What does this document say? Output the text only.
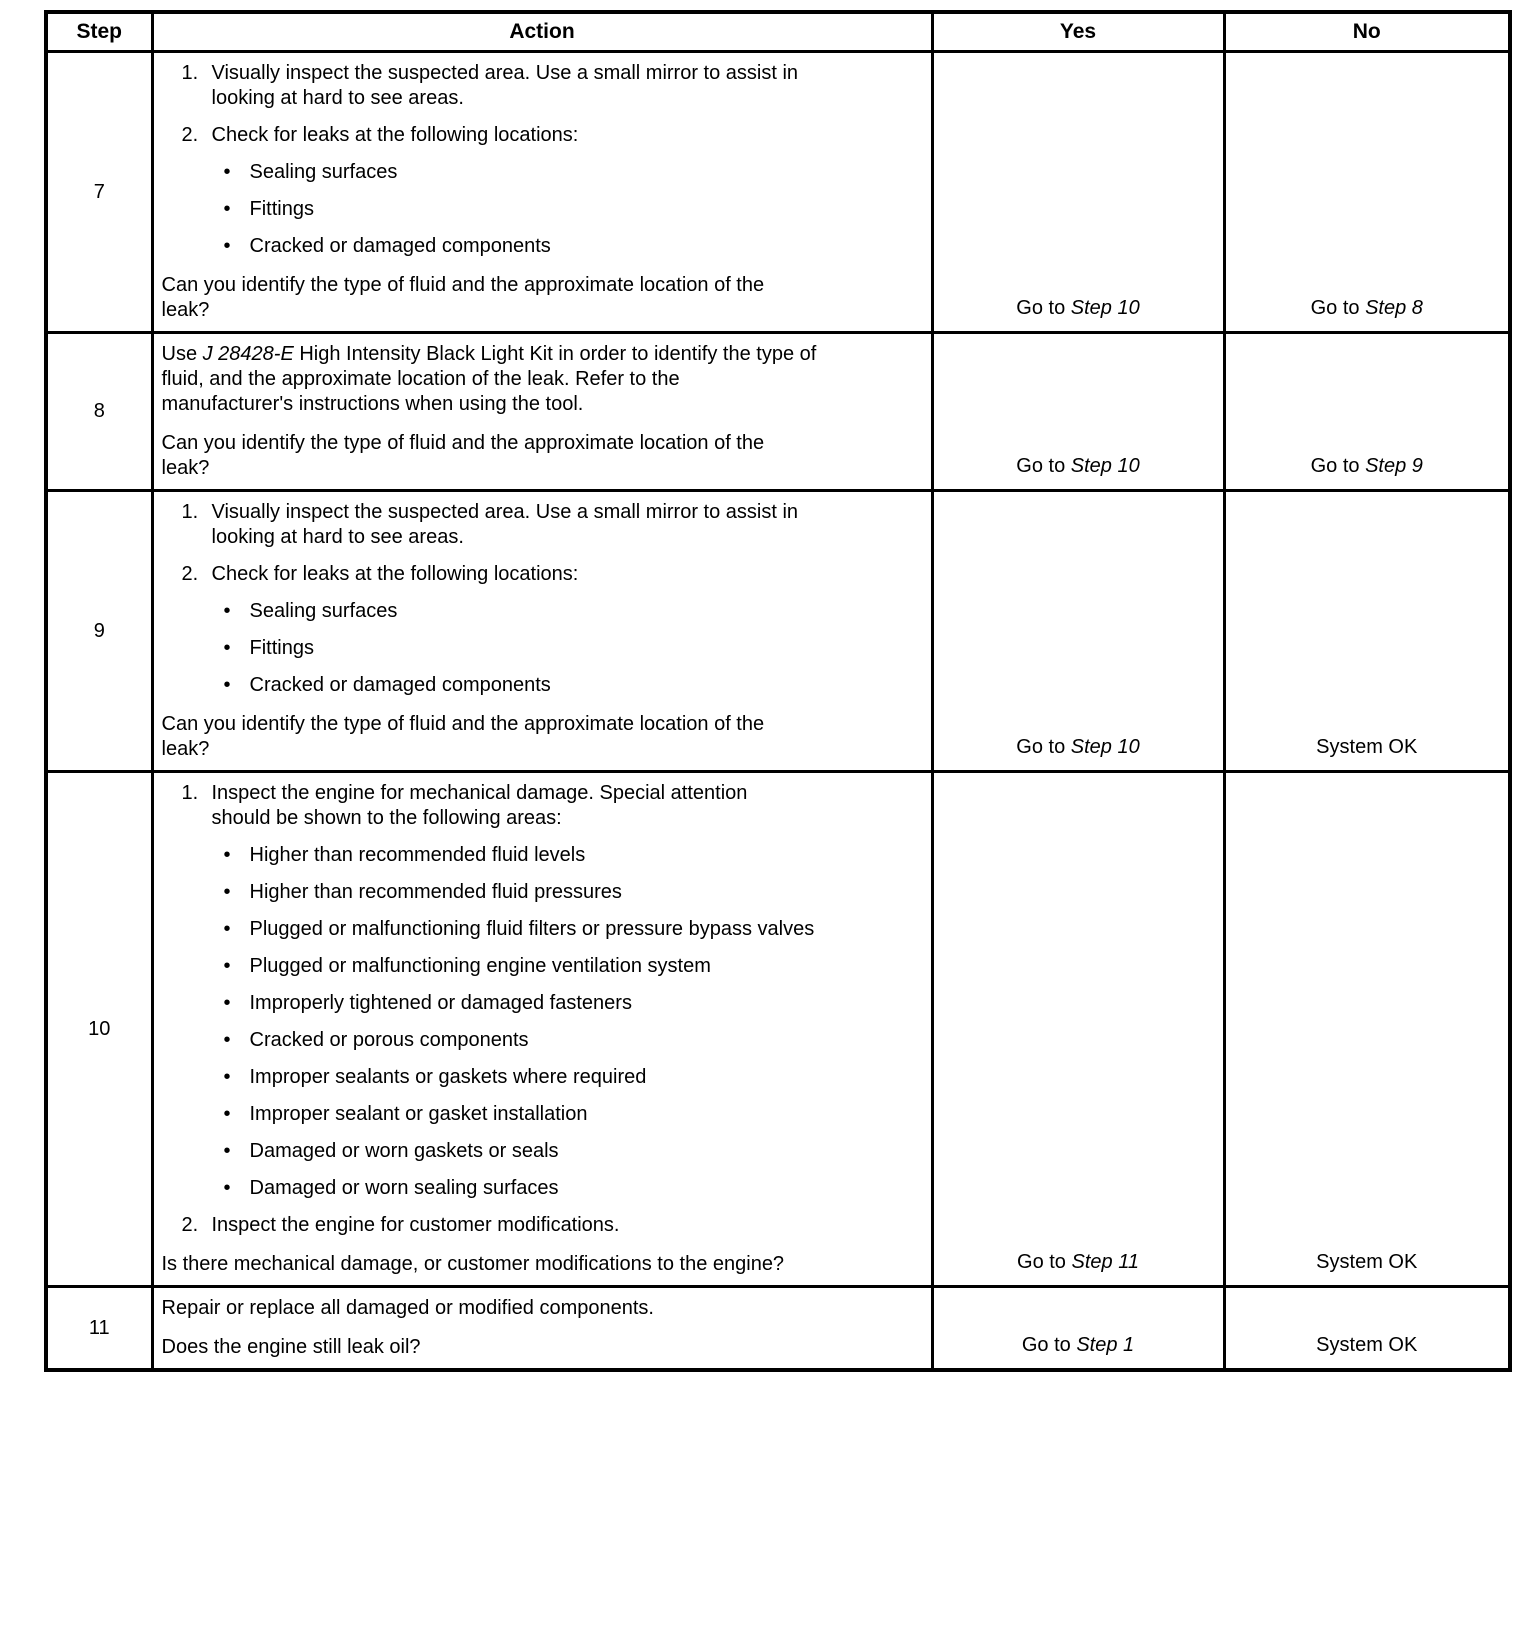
Step	Action	Yes	No
7	
1. Visually inspect the suspected area. Use a small mirror to assist in looking at hard to see areas.
2. Check for leaks at the following locations:
• Sealing surfaces
• Fittings
• Cracked or damaged components
Can you identify the type of fluid and the approximate location of the leak?	Go to Step 10	Go to Step 8
8	Use J 28428-E High Intensity Black Light Kit in order to identify the type of fluid, and the approximate location of the leak. Refer to the manufacturer's instructions when using the tool.
Can you identify the type of fluid and the approximate location of the leak?	Go to Step 10	Go to Step 9
9	
1. Visually inspect the suspected area. Use a small mirror to assist in looking at hard to see areas.
2. Check for leaks at the following locations:
• Sealing surfaces
• Fittings
• Cracked or damaged components
Can you identify the type of fluid and the approximate location of the leak?	Go to Step 10	System OK
10	
1. Inspect the engine for mechanical damage. Special attention should be shown to the following areas:
• Higher than recommended fluid levels
• Higher than recommended fluid pressures
• Plugged or malfunctioning fluid filters or pressure bypass valves
• Plugged or malfunctioning engine ventilation system
• Improperly tightened or damaged fasteners
• Cracked or porous components
• Improper sealants or gaskets where required
• Improper sealant or gasket installation
• Damaged or worn gaskets or seals
• Damaged or worn sealing surfaces
2. Inspect the engine for customer modifications.
Is there mechanical damage, or customer modifications to the engine?	Go to Step 11	System OK
11	Repair or replace all damaged or modified components.
Does the engine still leak oil?	Go to Step 1	System OK
